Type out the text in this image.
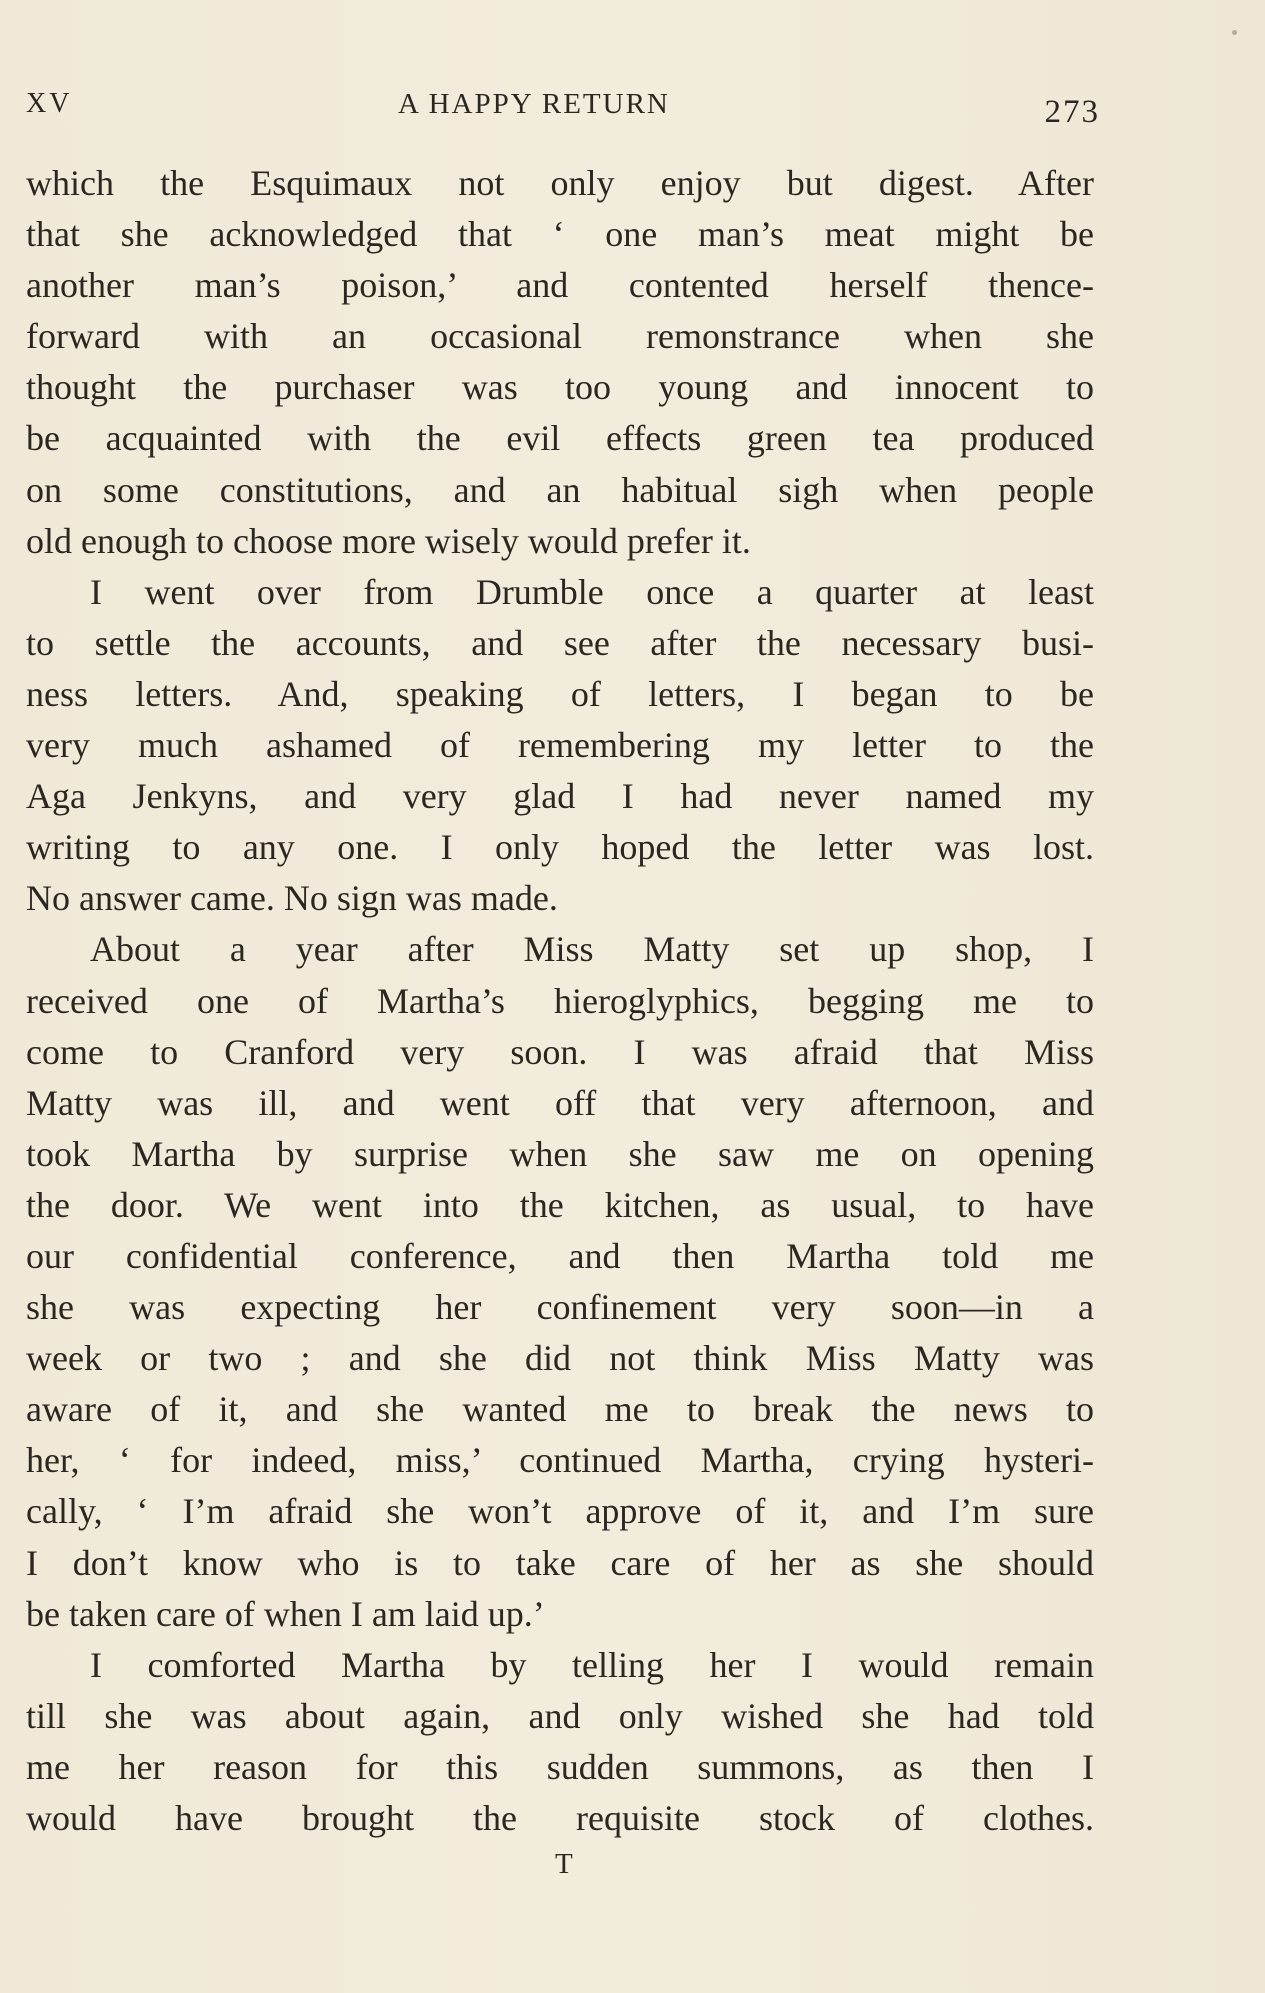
XV	A HAPPY RETURN	273
which the Esquimaux not only enjoy but digest. After
that she acknowledged that ‘ one man’s meat might be
another man’s poison,’ and contented herself thence-
forward with an occasional remonstrance when she
thought the purchaser was too young and innocent to
be acquainted with the evil effects green tea produced
on some constitutions, and an habitual sigh when people
old enough to choose more wisely would prefer it.
I went over from Drumble once a quarter at least
to settle the accounts, and see after the necessary busi-
ness letters. And, speaking of letters, I began to be
very much ashamed of remembering my letter to the
Aga Jenkyns, and very glad I had never named my
writing to any one. I only hoped the letter was lost.
No answer came. No sign was made.
About a year after Miss Matty set up shop, I
received one of Martha’s hieroglyphics, begging me to
come to Cranford very soon. I was afraid that Miss
Matty was ill, and went off that very afternoon, and
took Martha by surprise when she saw me on opening
the door. We went into the kitchen, as usual, to have
our confidential conference, and then Martha told me
she was expecting her confinement very soon—in a
week or two ; and she did not think Miss Matty was
aware of it, and she wanted me to break the news to
her, ‘ for indeed, miss,’ continued Martha, crying hysteri-
cally, ‘ I’m afraid she won’t approve of it, and I’m sure
I don’t know who is to take care of her as she should
be taken care of when I am laid up.’
I comforted Martha by telling her I would remain
till she was about again, and only wished she had told
me her reason for this sudden summons, as then I
would have brought the requisite stock of clothes.
T
